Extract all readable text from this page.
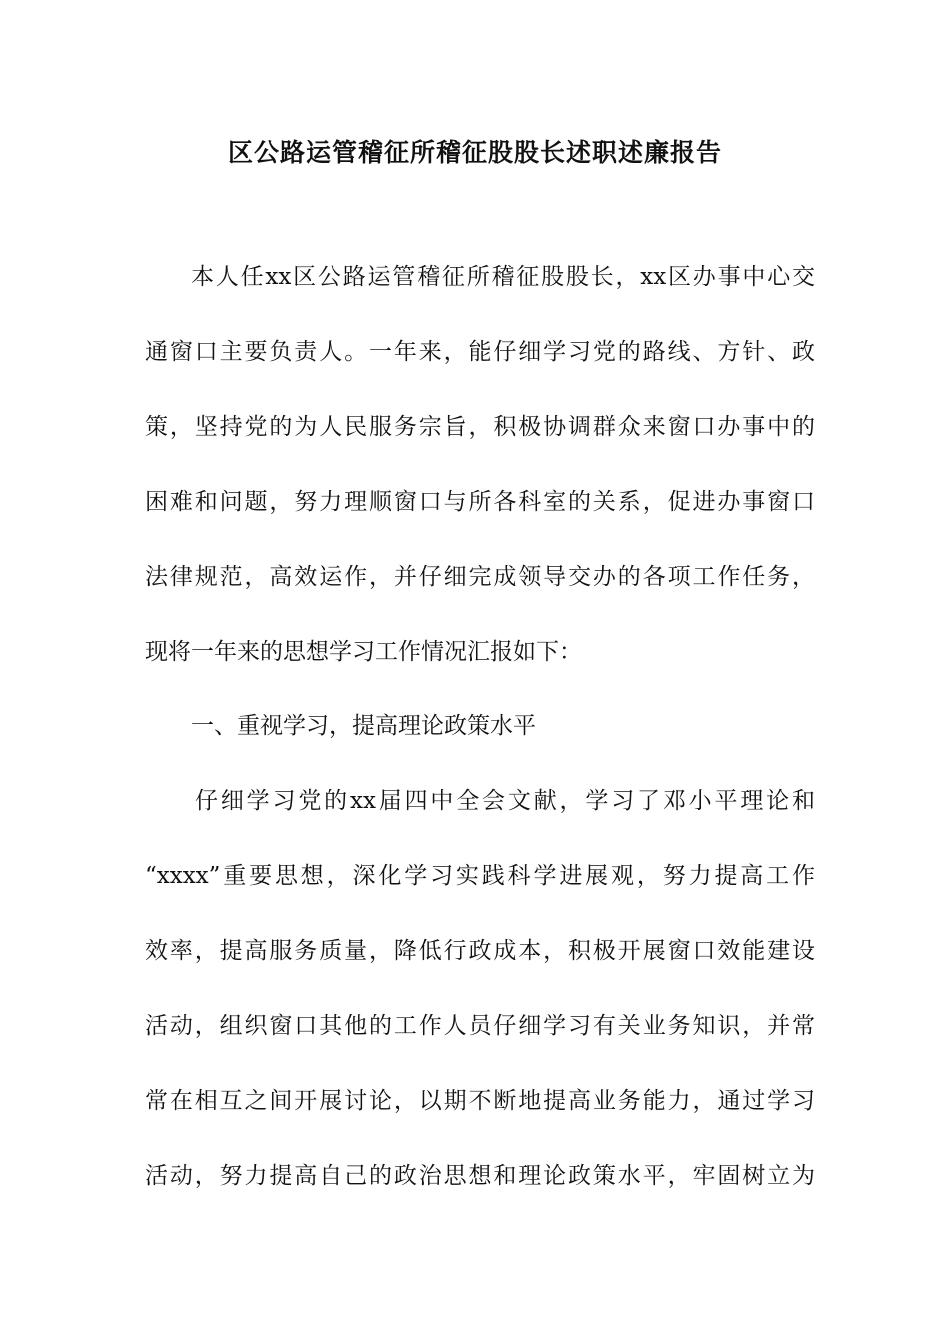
区公路运管稽征所稽征股股长述职述廉报告
本人任xx区公路运管稽征所稽征股股长，xx区办事中心交
通窗口主要负责人。一年来，能仔细学习党的路线、方针、政
策，坚持党的为人民服务宗旨，积极协调群众来窗口办事中的
困难和问题，努力理顺窗口与所各科室的关系，促进办事窗口
法律规范，高效运作，并仔细完成领导交办的各项工作任务，
现将一年来的思想学习工作情况汇报如下：
一、重视学习，提高理论政策水平
仔细学习党的xx届四中全会文献，学习了邓小平理论和
“xxxx”重要思想，深化学习实践科学进展观，努力提高工作
效率，提高服务质量，降低行政成本，积极开展窗口效能建设
活动，组织窗口其他的工作人员仔细学习有关业务知识，并常
常在相互之间开展讨论，以期不断地提高业务能力，通过学习
活动，努力提高自己的政治思想和理论政策水平，牢固树立为
